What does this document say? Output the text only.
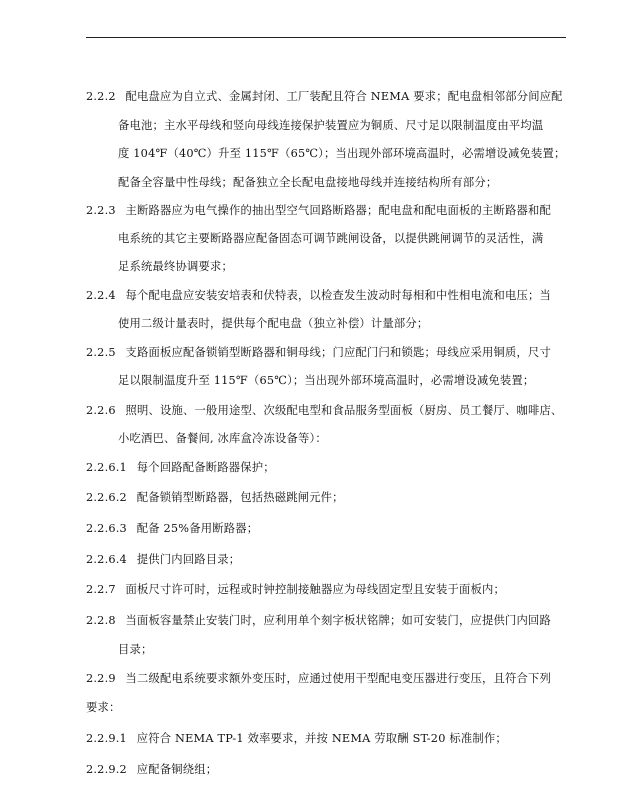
2.2.2 配电盘应为自立式、金属封闭、工厂装配且符合 NEMA 要求；配电盘相邻部分间应配
备电池；主水平母线和竖向母线连接保护装置应为铜质、尺寸足以限制温度由平均温
度 104℉（40℃）升至 115℉（65℃）；当出现外部环境高温时，必需增设减免装置；
配备全容量中性母线；配备独立全长配电盘接地母线并连接结构所有部分；
2.2.3 主断路器应为电气操作的抽出型空气回路断路器；配电盘和配电面板的主断路器和配
电系统的其它主要断路器应配备固态可调节跳闸设备，以提供跳闸调节的灵活性，满
足系统最终协调要求；
2.2.4 每个配电盘应安装安培表和伏特表，以检查发生波动时每相和中性相电流和电压；当
使用二级计量表时，提供每个配电盘（独立补偿）计量部分；
2.2.5 支路面板应配备锁销型断路器和铜母线；门应配门闩和锁匙；母线应采用铜质，尺寸
足以限制温度升至 115℉（65℃）；当出现外部环境高温时，必需增设减免装置；
2.2.6 照明、设施、一般用途型、次级配电型和食品服务型面板（厨房、员工餐厅、咖啡店、
小吃酒巴、备餐间, 冰库盒冷冻设备等）：
2.2.6.1 每个回路配备断路器保护；
2.2.6.2 配备锁销型断路器，包括热磁跳闸元件；
2.2.6.3 配备 25%备用断路器；
2.2.6.4 提供门内回路目录；
2.2.7 面板尺寸许可时，远程或时钟控制接触器应为母线固定型且安装于面板内；
2.2.8 当面板容量禁止安装门时，应利用单个刻字板状铭牌；如可安装门，应提供门内回路
目录；
2.2.9 当二级配电系统要求额外变压时，应通过使用干型配电变压器进行变压，且符合下列
要求：
2.2.9.1 应符合 NEMA TP-1 效率要求，并按 NEMA 劳取酬 ST-20 标准制作；
2.2.9.2 应配备铜绕组；
